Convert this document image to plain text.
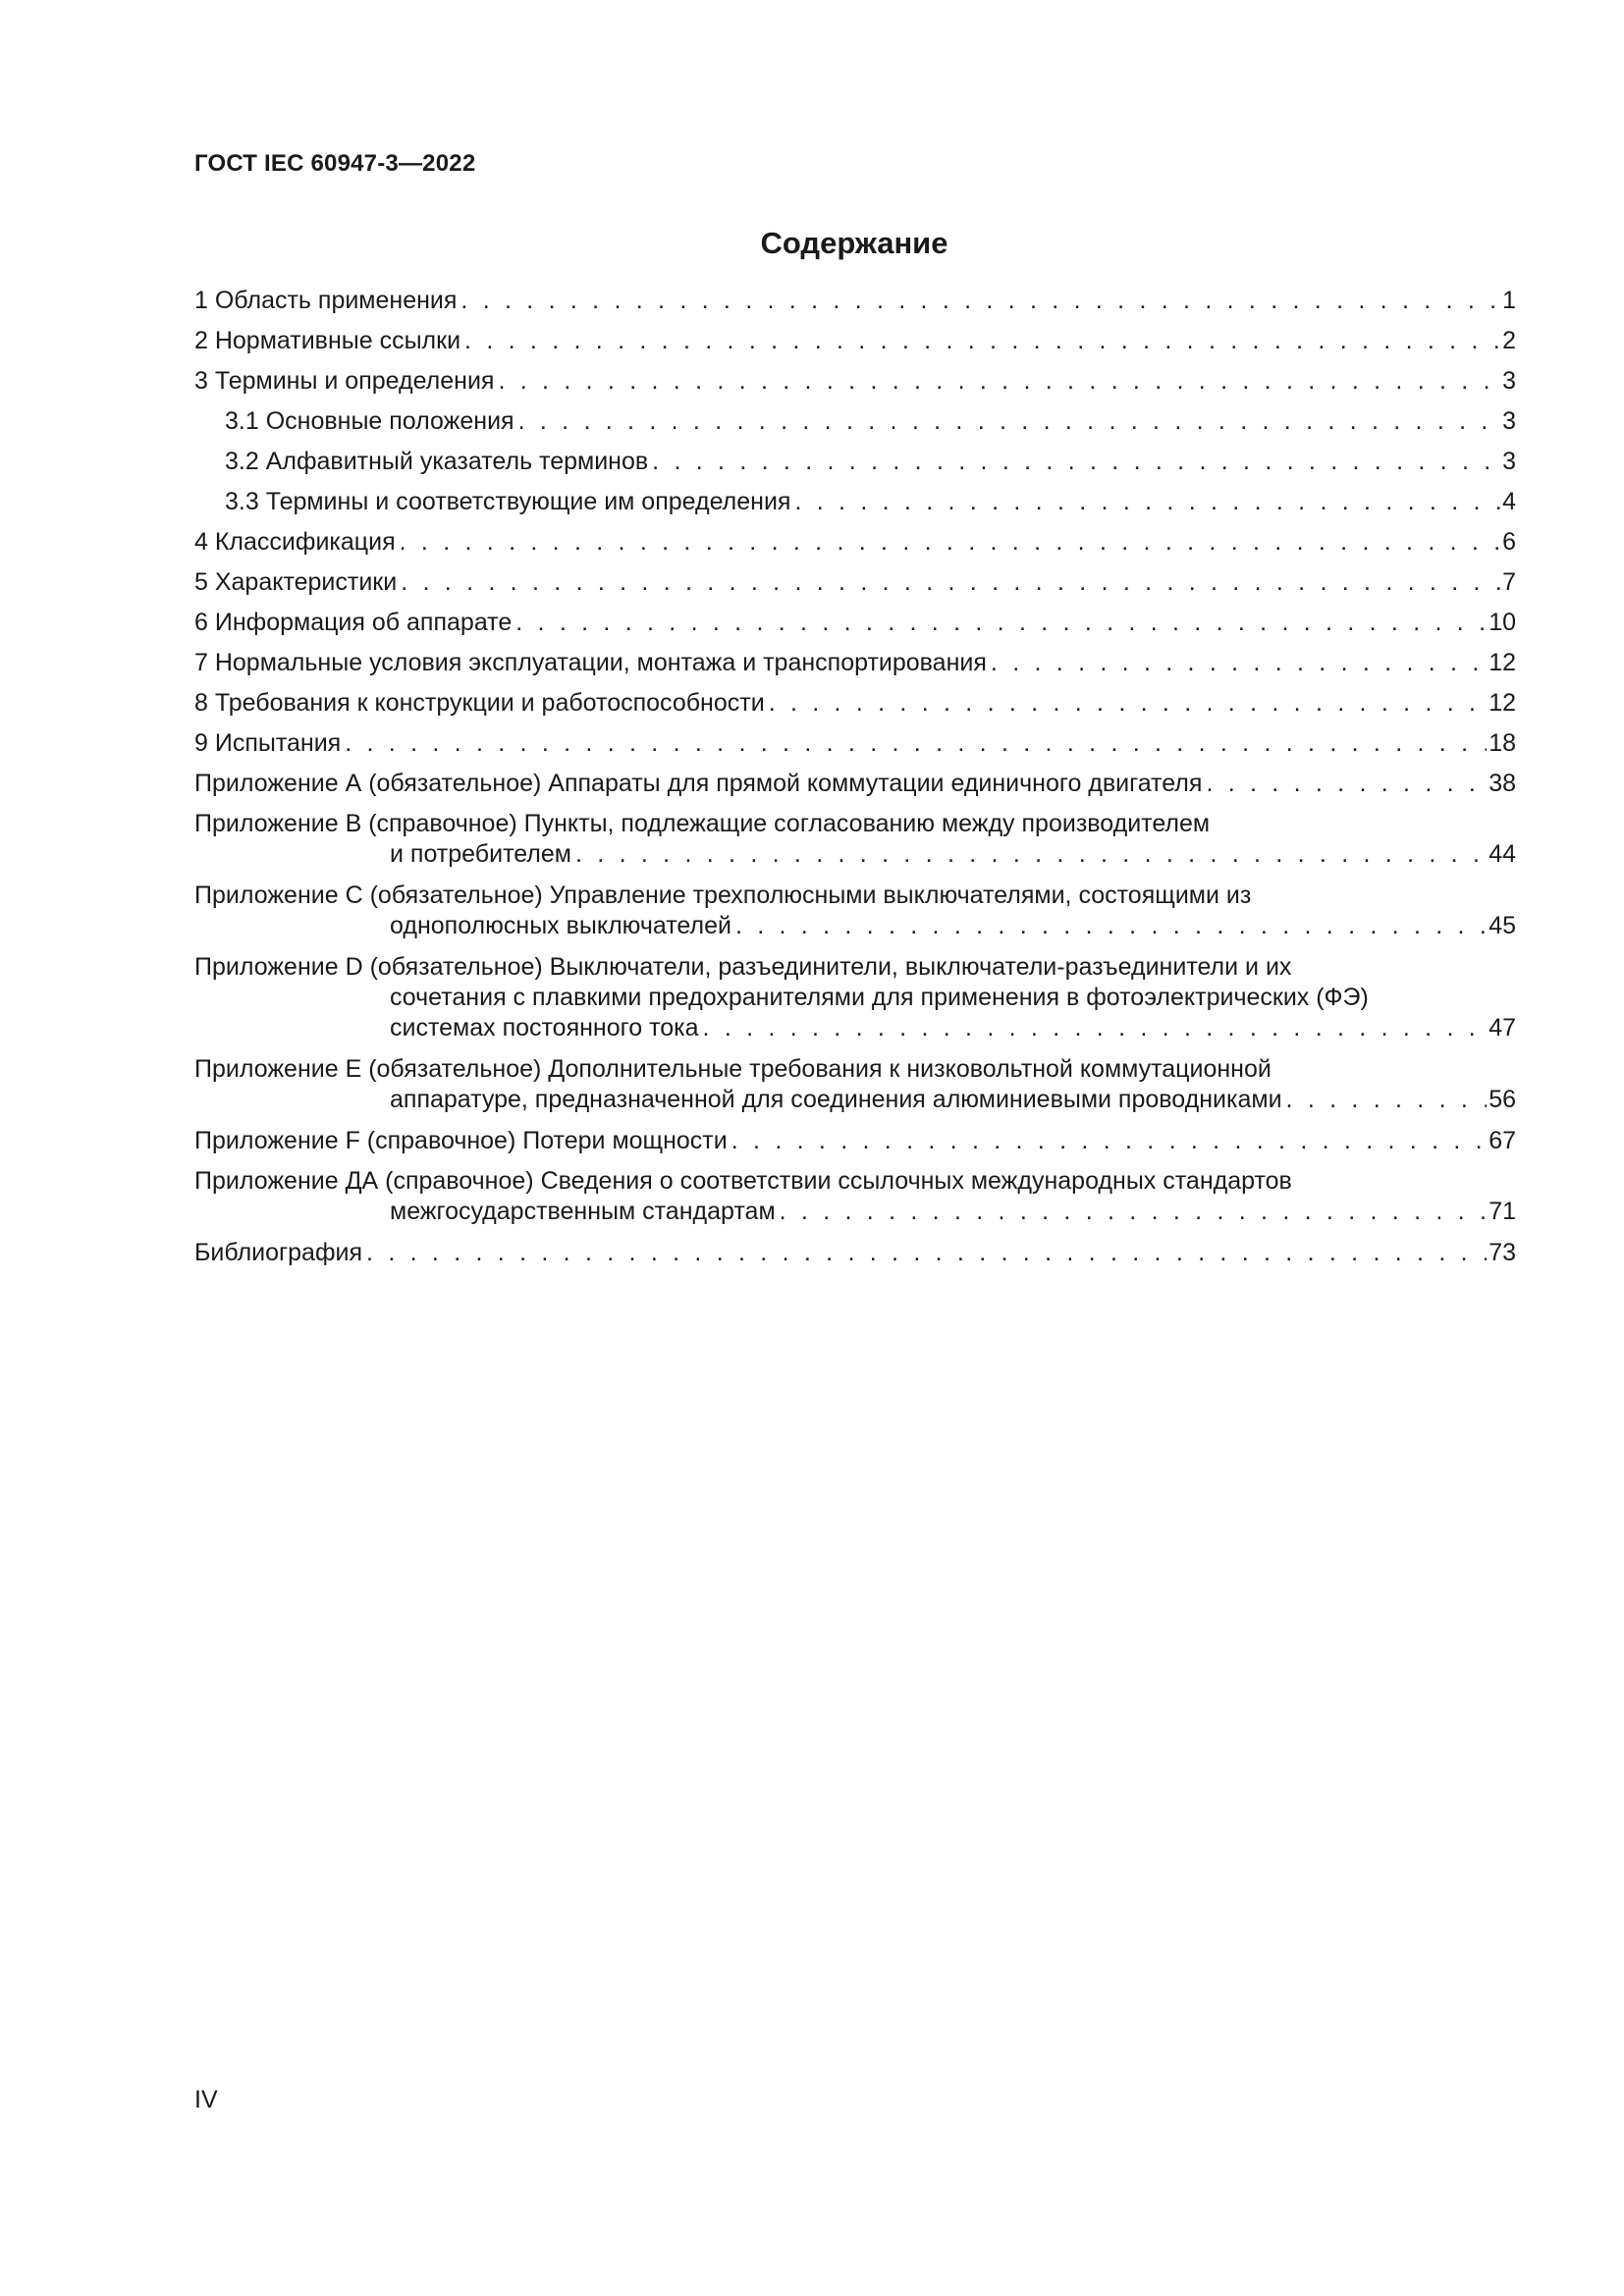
ГОСТ IEC 60947-3—2022
Содержание
1 Область применения . . .	1
2 Нормативные ссылки . . .	2
3 Термины и определения . . .	3
3.1 Основные положения . . .	3
3.2 Алфавитный указатель терминов . . .	3
3.3 Термины и соответствующие им определения . . .	4
4 Классификация . . .	6
5 Характеристики . . .	7
6 Информация об аппарате . . .	10
7 Нормальные условия эксплуатации, монтажа и транспортирования . . .	12
8 Требования к конструкции и работоспособности . . .	12
9 Испытания . . .	18
Приложение А (обязательное) Аппараты для прямой коммутации единичного двигателя . . .	38
Приложение В (справочное) Пункты, подлежащие согласованию между производителем
и потребителем . . .	44
Приложение С (обязательное) Управление трехполюсными выключателями, состоящими из
однополюсных выключателей . . .	45
Приложение D (обязательное) Выключатели, разъединители, выключатели-разъединители и их
сочетания с плавкими предохранителями для применения в фотоэлектрических (ФЭ)
системах постоянного тока . . .	47
Приложение E (обязательное) Дополнительные требования к низковольтной коммутационной
аппаратуре, предназначенной для соединения алюминиевыми проводниками . . .	56
Приложение F (справочное) Потери мощности . . .	67
Приложение ДА (справочное) Сведения о соответствии ссылочных международных стандартов
межгосударственным стандартам . . .	71
Библиография . . .	73
IV
